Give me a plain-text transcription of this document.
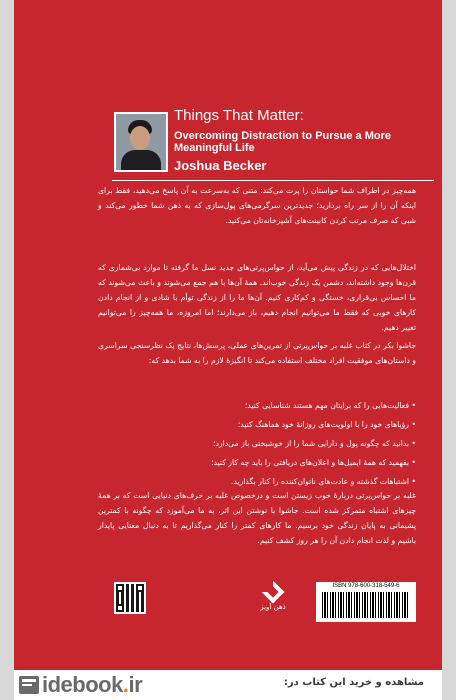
Things That Matter:
Overcoming Distraction to Pursue a More Meaningful Life
Joshua Becker
همه‌چیز در اطراف شما حواستان را پرت می‌کند: متنی که به‌سرعت به آن پاسخ می‌دهید، فقط برای اینکه آن را از سر راه بردارید؛ جدیدترین سرگرمی‌های پول‌سازی که به ذهن شما خطور می‌کند و شبی که صرف مرتب کردن کابینت‌های آشپزخانه‌تان می‌کنید.
اختلال‌هایی که در زندگی پیش می‌آید، از حواس‌پرتی‌های جدید نسل ما گرفته تا موارد بی‌شماری که قرن‌ها وجود داشته‌اند، دشمن یک زندگی خوب‌اند. همهٔ آن‌ها با هم جمع می‌شوند و باعث می‌شوند که ما احساس بی‌قراری، خستگی و کم‌کاری کنیم. آن‌ها ما را از زندگی توأم با شادی و از انجام دادن کارهای خوبی که فقط ما می‌توانیم انجام دهیم، باز می‌دارند؛ اما امروزه، ما همه‌چیز را می‌توانیم تغییر دهیم.
جاشوا بکر در کتاب غلبه بر حواس‌پرتی از تمرین‌های عملی، پرسش‌ها، نتایج یک نظرسنجی سراسری و داستان‌های موفقیت افراد مختلف استفاده می‌کند تا انگیزهٔ لازم را به شما بدهد که:
• فعالیت‌هایی را که برایتان مهم هستند شناسایی کنید؛
• رؤیاهای خود را با اولویت‌های روزانهٔ خود هماهنگ کنید؛
• بدانید که چگونه پول و دارایی شما را از خوشبختی باز می‌دارد؛
• بفهمید که همهٔ ایمیل‌ها و اعلان‌های دریافتی را باید چه کار کنید؛
• اشتباهات گذشته و عادت‌های ناتوان‌کننده را کنار بگذارید.
غلبه بر حواس‌پرتی دربارهٔ خوب زیستن است و درخصوص غلبه بر حرف‌های دنیایی است که بر همهٔ چیزهای اشتباه متمرکز شده است. جاشوا با نوشتن این اثر، به ما می‌آموزد که چگونه با کمترین پشیمانی به پایان زندگی خود برسیم. ما کارهای کمتر را کنار می‌گذاریم تا به دنبال معنایی پایدار باشیم و لذت انجام دادن آن را هر روز کشف کنیم.
ذهن آویز
ISBN 978-600-318-549-6
idebook.ir	مشاهده و خرید این کتاب در:
